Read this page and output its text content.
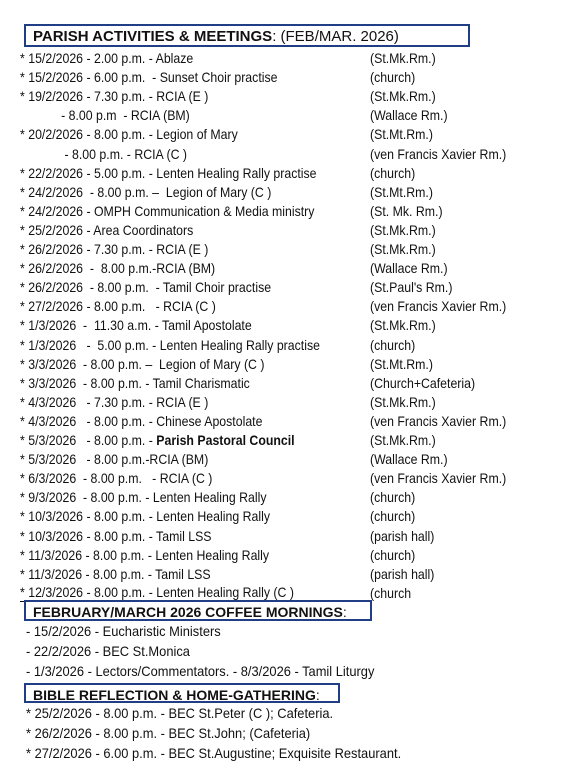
PARISH ACTIVITIES & MEETINGS: (FEB/MAR. 2026)
* 15/2/2026 - 2.00 p.m. - Ablaze	(St.Mk.Rm.)
* 15/2/2026 - 6.00 p.m.  - Sunset Choir practise	(church)
* 19/2/2026 - 7.30 p.m. - RCIA (E )	(St.Mk.Rm.)
- 8.00 p.m  - RCIA (BM)	(Wallace Rm.)
* 20/2/2026 - 8.00 p.m. - Legion of Mary	(St.Mt.Rm.)
- 8.00 p.m. - RCIA (C )	(ven Francis Xavier Rm.)
* 22/2/2026 - 5.00 p.m. - Lenten Healing Rally practise	(church)
* 24/2/2026  - 8.00 p.m. –  Legion of Mary (C )	(St.Mt.Rm.)
* 24/2/2026 - OMPH Communication & Media ministry	(St. Mk. Rm.)
* 25/2/2026 - Area Coordinators	(St.Mk.Rm.)
* 26/2/2026 - 7.30 p.m. - RCIA (E )	(St.Mk.Rm.)
* 26/2/2026  -  8.00 p.m.-RCIA (BM)	(Wallace Rm.)
* 26/2/2026  - 8.00 p.m.  - Tamil Choir practise	(St.Paul's Rm.)
* 27/2/2026 - 8.00 p.m.   - RCIA (C )	(ven Francis Xavier Rm.)
* 1/3/2026  -  11.30 a.m. - Tamil Apostolate	(St.Mk.Rm.)
* 1/3/2026   -  5.00 p.m. - Lenten Healing Rally practise	(church)
* 3/3/2026  - 8.00 p.m. –  Legion of Mary (C )	(St.Mt.Rm.)
* 3/3/2026  - 8.00 p.m. - Tamil Charismatic	(Church+Cafeteria)
* 4/3/2026   - 7.30 p.m. - RCIA (E )	(St.Mk.Rm.)
* 4/3/2026   - 8.00 p.m. - Chinese Apostolate	(ven Francis Xavier Rm.)
* 5/3/2026   - 8.00 p.m. - Parish Pastoral Council	(St.Mk.Rm.)
* 5/3/2026   - 8.00 p.m.-RCIA (BM)	(Wallace Rm.)
* 6/3/2026  - 8.00 p.m.   - RCIA (C )	(ven Francis Xavier Rm.)
* 9/3/2026  - 8.00 p.m. - Lenten Healing Rally	(church)
* 10/3/2026 - 8.00 p.m. - Lenten Healing Rally	(church)
* 10/3/2026 - 8.00 p.m. - Tamil LSS	(parish hall)
* 11/3/2026 - 8.00 p.m. - Lenten Healing Rally	(church)
* 11/3/2026 - 8.00 p.m. - Tamil LSS	(parish hall)
* 12/3/2026 - 8.00 p.m. - Lenten Healing Rally (C )	(church
FEBRUARY/MARCH 2026 COFFEE MORNINGS:
- 15/2/2026 - Eucharistic Ministers
- 22/2/2026 - BEC St.Monica
- 1/3/2026 - Lectors/Commentators. - 8/3/2026 - Tamil Liturgy
BIBLE REFLECTION & HOME-GATHERING:
* 25/2/2026 - 8.00 p.m. - BEC St.Peter (C ); Cafeteria.
* 26/2/2026 - 8.00 p.m. - BEC St.John; (Cafeteria)
* 27/2/2026 - 6.00 p.m. - BEC St.Augustine; Exquisite Restaurant.
